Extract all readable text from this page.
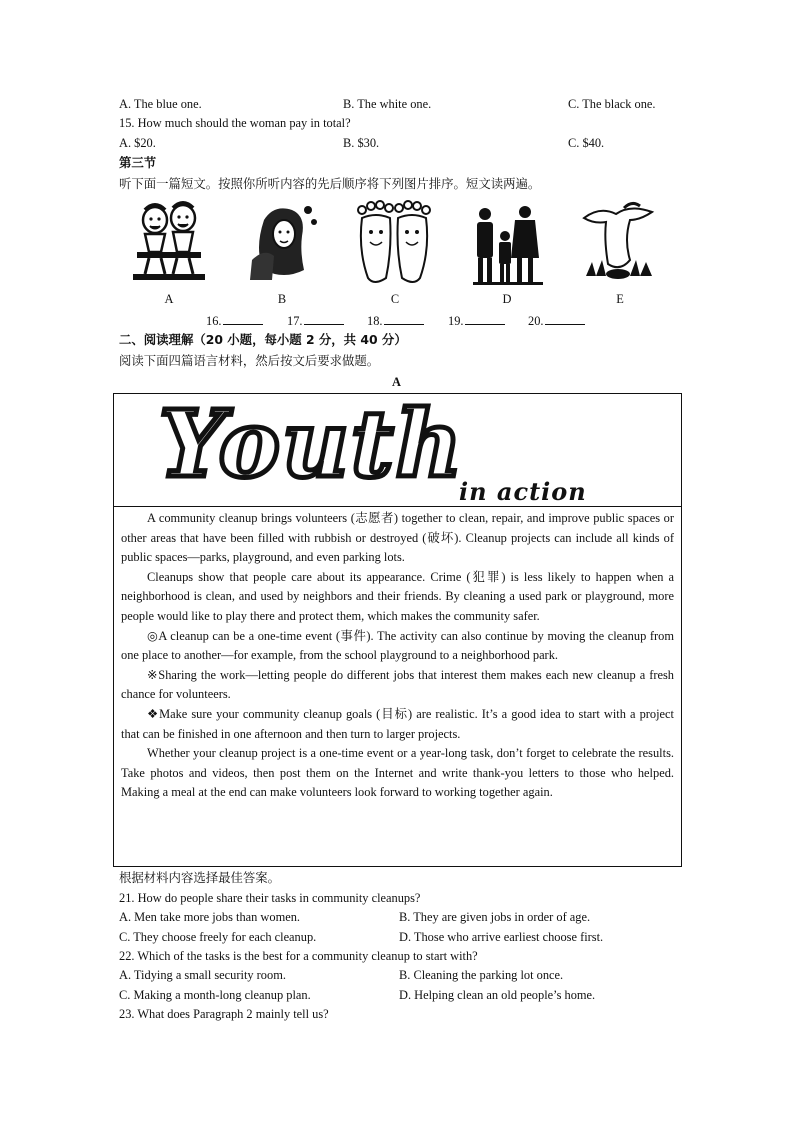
A. The blue one.	B. The white one.	C. The black one.
15. How much should the woman pay in total?
A. $20.	B. $30.	C. $40.
第三节
听下面一篇短文。按照你所听内容的先后顺序将下列图片排序。短文读两遍。
A	B	C	D	E
16.	17.	18.	19.	20.
二、阅读理解（20 小题，每小题 2 分，共 40 分）
阅读下面四篇语言材料，然后按文后要求做题。
A
Youth
in action

A community cleanup brings volunteers (志愿者) together to clean, repair, and improve public spaces or other areas that have been filled with rubbish or destroyed (破坏). Cleanup projects can include all kinds of public spaces—parks, playground, and even parking lots.

Cleanups show that people care about its appearance. Crime (犯罪) is less likely to happen when a neighborhood is clean, and used by neighbors and their friends. By cleaning a used park or playground, more people would like to play there and protect them, which makes the community safer.

◎A cleanup can be a one-time event (事件). The activity can also continue by moving the cleanup from one place to another—for example, from the school playground to a neighborhood park.

※Sharing the work—letting people do different jobs that interest them makes each new cleanup a fresh chance for volunteers.

❖Make sure your community cleanup goals (目标) are realistic. It’s a good idea to start with a project that can be finished in one afternoon and then turn to larger projects.

Whether your cleanup project is a one-time event or a year-long task, don’t forget to celebrate the results. Take photos and videos, then post them on the Internet and write thank-you letters to those who helped. Making a meal at the end can make volunteers look forward to working together again.

根据材料内容选择最佳答案。
21. How do people share their tasks in community cleanups?
A. Men take more jobs than women.	B. They are given jobs in order of age.
C. They choose freely for each cleanup.	D. Those who arrive earliest choose first.
22. Which of the tasks is the best for a community cleanup to start with?
A. Tidying a small security room.	B. Cleaning the parking lot once.
C. Making a month-long cleanup plan.	D. Helping clean an old people’s home.
23. What does Paragraph 2 mainly tell us?
